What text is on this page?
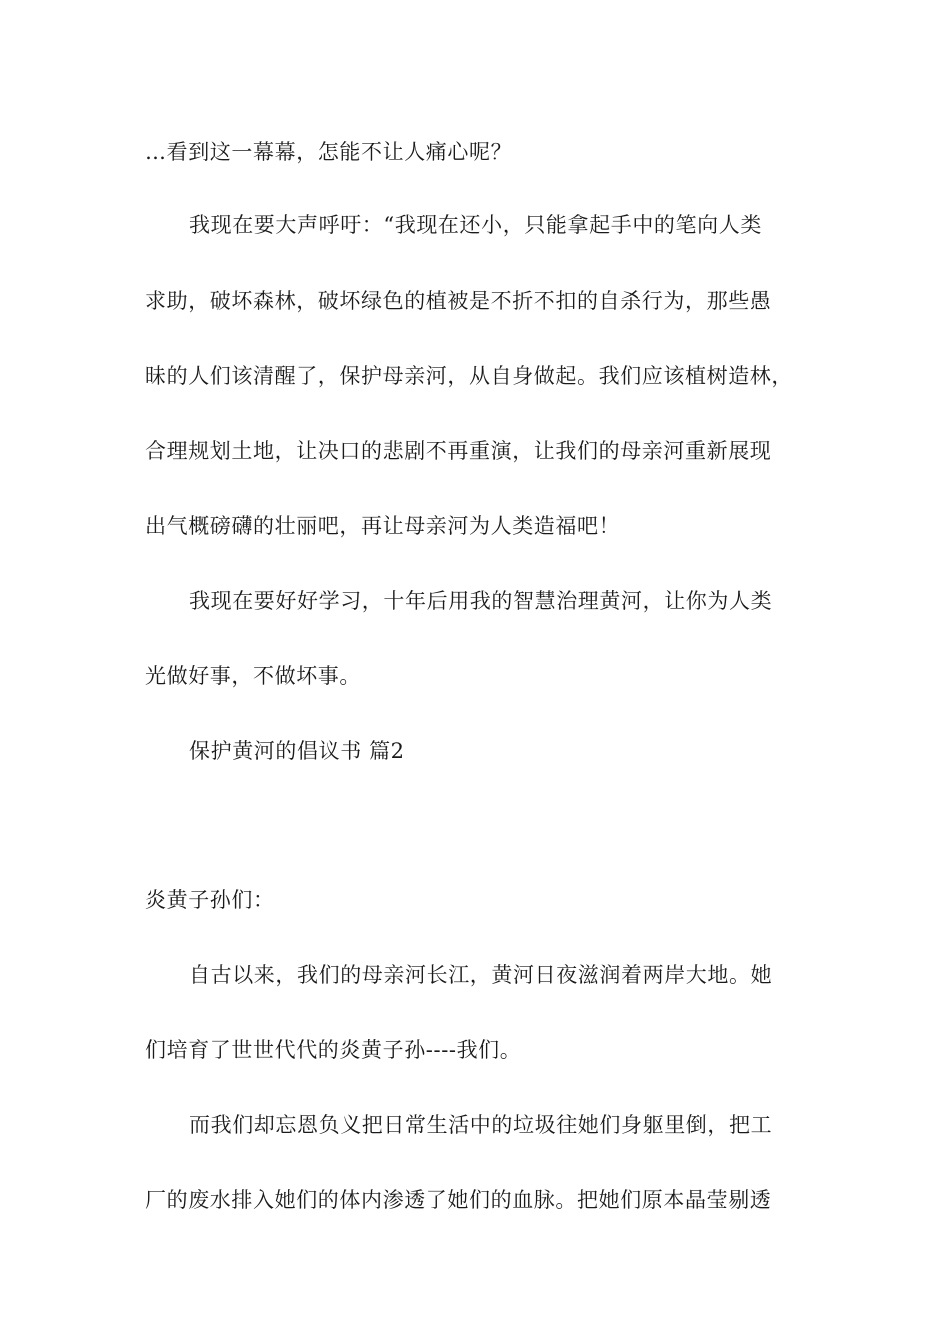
…看到这一幕幕，怎能不让人痛心呢？
我现在要大声呼吁：“我现在还小，只能拿起手中的笔向人类
求助，破坏森林，破坏绿色的植被是不折不扣的自杀行为，那些愚
昧的人们该清醒了，保护母亲河，从自身做起。我们应该植树造林，
合理规划土地，让决口的悲剧不再重演，让我们的母亲河重新展现
出气概磅礴的壮丽吧，再让母亲河为人类造福吧！
我现在要好好学习，十年后用我的智慧治理黄河，让你为人类
光做好事，不做坏事。
保护黄河的倡议书 篇2
炎黄子孙们：
自古以来，我们的母亲河长江，黄河日夜滋润着两岸大地。她
们培育了世世代代的炎黄子孙----我们。
而我们却忘恩负义把日常生活中的垃圾往她们身躯里倒，把工
厂的废水排入她们的体内渗透了她们的血脉。把她们原本晶莹剔透
